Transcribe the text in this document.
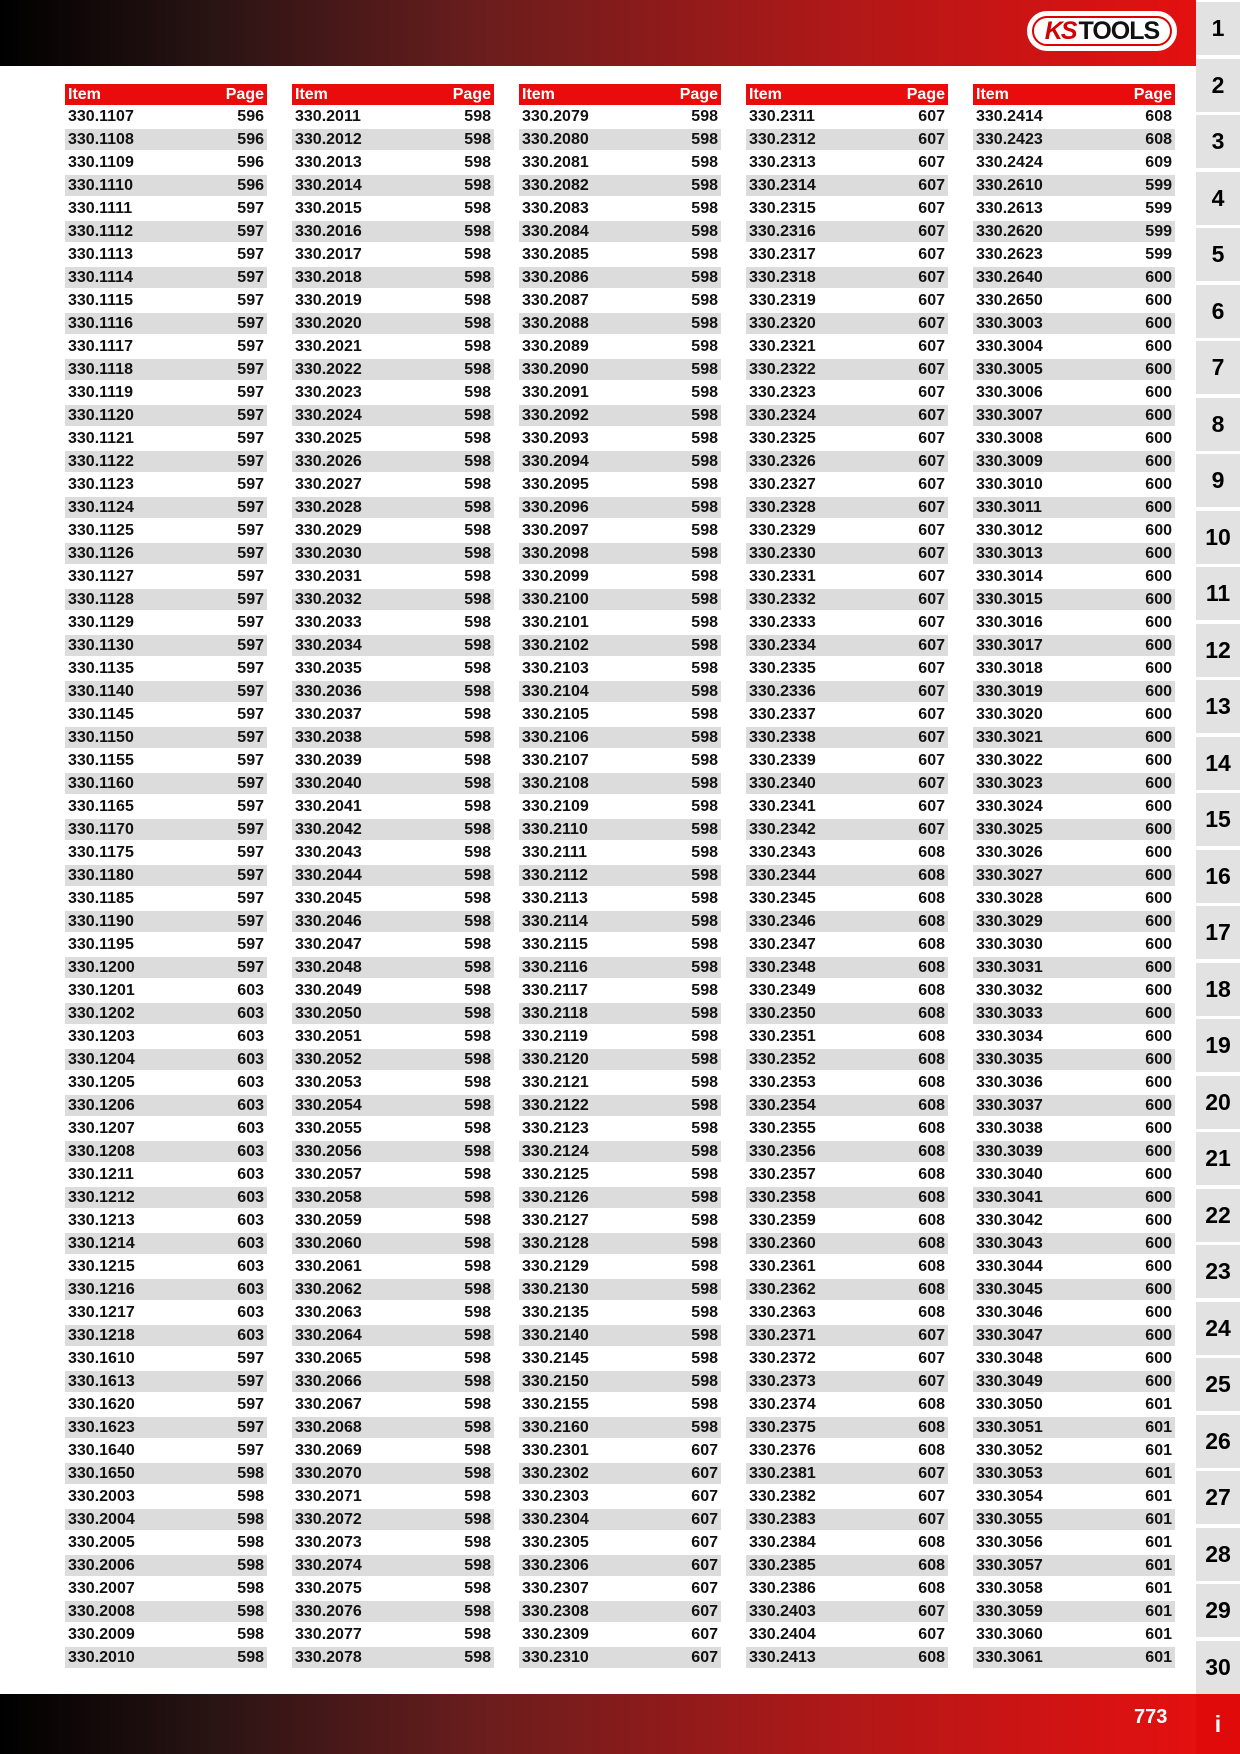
KS TOOLS
Item	Page
330.1107	596
330.1108	596
330.1109	596
330.1110	596
330.1111	597
330.1112	597
330.1113	597
330.1114	597
330.1115	597
330.1116	597
330.1117	597
330.1118	597
330.1119	597
330.1120	597
330.1121	597
330.1122	597
330.1123	597
330.1124	597
330.1125	597
330.1126	597
330.1127	597
330.1128	597
330.1129	597
330.1130	597
330.1135	597
330.1140	597
330.1145	597
330.1150	597
330.1155	597
330.1160	597
330.1165	597
330.1170	597
330.1175	597
330.1180	597
330.1185	597
330.1190	597
330.1195	597
330.1200	597
330.1201	603
330.1202	603
330.1203	603
330.1204	603
330.1205	603
330.1206	603
330.1207	603
330.1208	603
330.1211	603
330.1212	603
330.1213	603
330.1214	603
330.1215	603
330.1216	603
330.1217	603
330.1218	603
330.1610	597
330.1613	597
330.1620	597
330.1623	597
330.1640	597
330.1650	598
330.2003	598
330.2004	598
330.2005	598
330.2006	598
330.2007	598
330.2008	598
330.2009	598
330.2010	598
Item	Page
330.2011	598
330.2012	598
330.2013	598
330.2014	598
330.2015	598
330.2016	598
330.2017	598
330.2018	598
330.2019	598
330.2020	598
330.2021	598
330.2022	598
330.2023	598
330.2024	598
330.2025	598
330.2026	598
330.2027	598
330.2028	598
330.2029	598
330.2030	598
330.2031	598
330.2032	598
330.2033	598
330.2034	598
330.2035	598
330.2036	598
330.2037	598
330.2038	598
330.2039	598
330.2040	598
330.2041	598
330.2042	598
330.2043	598
330.2044	598
330.2045	598
330.2046	598
330.2047	598
330.2048	598
330.2049	598
330.2050	598
330.2051	598
330.2052	598
330.2053	598
330.2054	598
330.2055	598
330.2056	598
330.2057	598
330.2058	598
330.2059	598
330.2060	598
330.2061	598
330.2062	598
330.2063	598
330.2064	598
330.2065	598
330.2066	598
330.2067	598
330.2068	598
330.2069	598
330.2070	598
330.2071	598
330.2072	598
330.2073	598
330.2074	598
330.2075	598
330.2076	598
330.2077	598
330.2078	598
Item	Page
330.2079	598
330.2080	598
330.2081	598
330.2082	598
330.2083	598
330.2084	598
330.2085	598
330.2086	598
330.2087	598
330.2088	598
330.2089	598
330.2090	598
330.2091	598
330.2092	598
330.2093	598
330.2094	598
330.2095	598
330.2096	598
330.2097	598
330.2098	598
330.2099	598
330.2100	598
330.2101	598
330.2102	598
330.2103	598
330.2104	598
330.2105	598
330.2106	598
330.2107	598
330.2108	598
330.2109	598
330.2110	598
330.2111	598
330.2112	598
330.2113	598
330.2114	598
330.2115	598
330.2116	598
330.2117	598
330.2118	598
330.2119	598
330.2120	598
330.2121	598
330.2122	598
330.2123	598
330.2124	598
330.2125	598
330.2126	598
330.2127	598
330.2128	598
330.2129	598
330.2130	598
330.2135	598
330.2140	598
330.2145	598
330.2150	598
330.2155	598
330.2160	598
330.2301	607
330.2302	607
330.2303	607
330.2304	607
330.2305	607
330.2306	607
330.2307	607
330.2308	607
330.2309	607
330.2310	607
Item	Page
330.2311	607
330.2312	607
330.2313	607
330.2314	607
330.2315	607
330.2316	607
330.2317	607
330.2318	607
330.2319	607
330.2320	607
330.2321	607
330.2322	607
330.2323	607
330.2324	607
330.2325	607
330.2326	607
330.2327	607
330.2328	607
330.2329	607
330.2330	607
330.2331	607
330.2332	607
330.2333	607
330.2334	607
330.2335	607
330.2336	607
330.2337	607
330.2338	607
330.2339	607
330.2340	607
330.2341	607
330.2342	607
330.2343	608
330.2344	608
330.2345	608
330.2346	608
330.2347	608
330.2348	608
330.2349	608
330.2350	608
330.2351	608
330.2352	608
330.2353	608
330.2354	608
330.2355	608
330.2356	608
330.2357	608
330.2358	608
330.2359	608
330.2360	608
330.2361	608
330.2362	608
330.2363	608
330.2371	607
330.2372	607
330.2373	607
330.2374	608
330.2375	608
330.2376	608
330.2381	607
330.2382	607
330.2383	607
330.2384	608
330.2385	608
330.2386	608
330.2403	607
330.2404	607
330.2413	608
Item	Page
330.2414	608
330.2423	608
330.2424	609
330.2610	599
330.2613	599
330.2620	599
330.2623	599
330.2640	600
330.2650	600
330.3003	600
330.3004	600
330.3005	600
330.3006	600
330.3007	600
330.3008	600
330.3009	600
330.3010	600
330.3011	600
330.3012	600
330.3013	600
330.3014	600
330.3015	600
330.3016	600
330.3017	600
330.3018	600
330.3019	600
330.3020	600
330.3021	600
330.3022	600
330.3023	600
330.3024	600
330.3025	600
330.3026	600
330.3027	600
330.3028	600
330.3029	600
330.3030	600
330.3031	600
330.3032	600
330.3033	600
330.3034	600
330.3035	600
330.3036	600
330.3037	600
330.3038	600
330.3039	600
330.3040	600
330.3041	600
330.3042	600
330.3043	600
330.3044	600
330.3045	600
330.3046	600
330.3047	600
330.3048	600
330.3049	600
330.3050	601
330.3051	601
330.3052	601
330.3053	601
330.3054	601
330.3055	601
330.3056	601
330.3057	601
330.3058	601
330.3059	601
330.3060	601
330.3061	601
1
2
3
4
5
6
7
8
9
10
11
12
13
14
15
16
17
18
19
20
21
22
23
24
25
26
27
28
29
30
i
773
